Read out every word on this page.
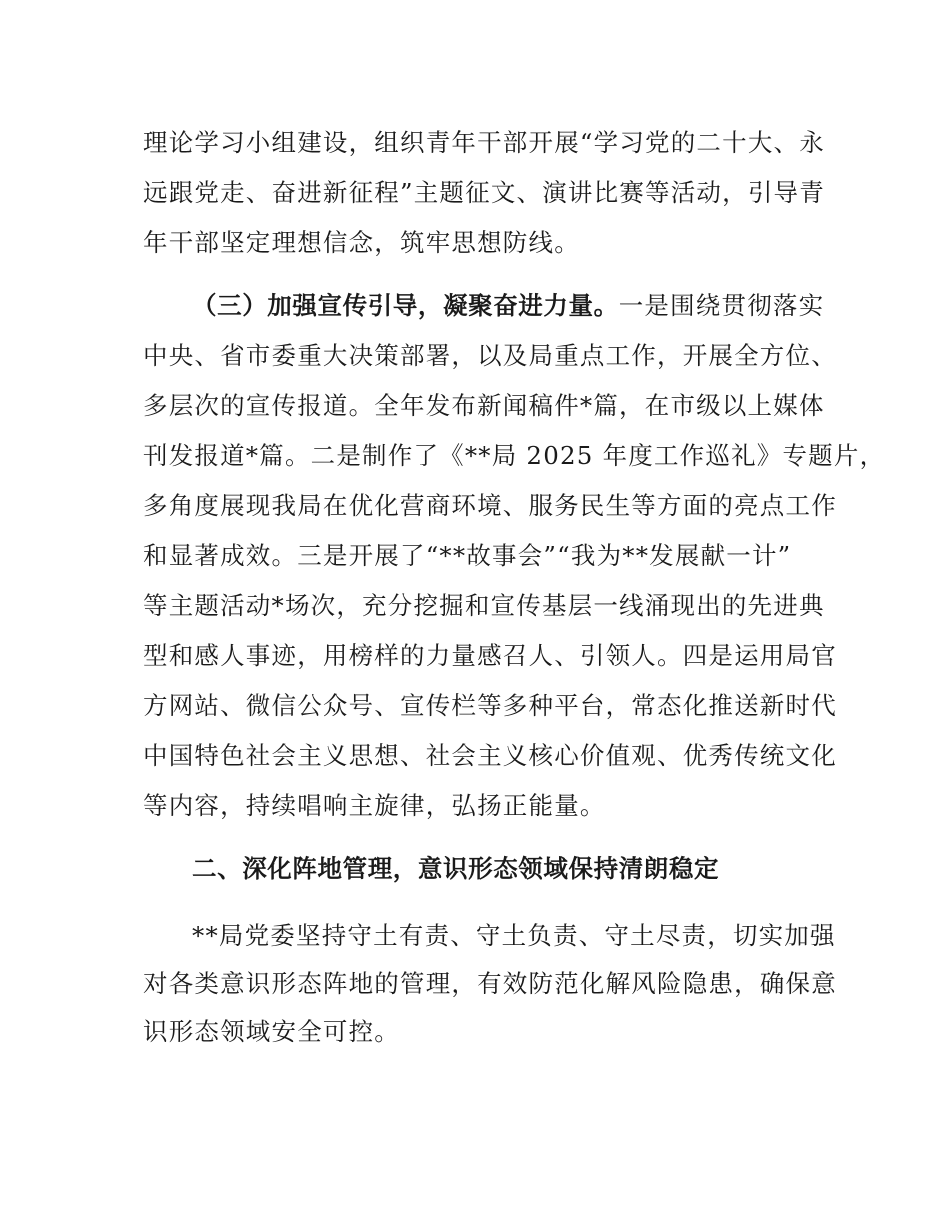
理论学习小组建设，组织青年干部开展“学习党的二十大、永
远跟党走、奋进新征程”主题征文、演讲比赛等活动，引导青
年干部坚定理想信念，筑牢思想防线。
（三）加强宣传引导，凝聚奋进力量。一是围绕贯彻落实
中央、省市委重大决策部署，以及局重点工作，开展全方位、
多层次的宣传报道。全年发布新闻稿件*篇，在市级以上媒体
刊发报道*篇。二是制作了《**局 2025 年度工作巡礼》专题片，
多角度展现我局在优化营商环境、服务民生等方面的亮点工作
和显著成效。三是开展了“**故事会”“我为**发展献一计”
等主题活动*场次，充分挖掘和宣传基层一线涌现出的先进典
型和感人事迹，用榜样的力量感召人、引领人。四是运用局官
方网站、微信公众号、宣传栏等多种平台，常态化推送新时代
中国特色社会主义思想、社会主义核心价值观、优秀传统文化
等内容，持续唱响主旋律，弘扬正能量。
二、深化阵地管理，意识形态领域保持清朗稳定
**局党委坚持守土有责、守土负责、守土尽责，切实加强
对各类意识形态阵地的管理，有效防范化解风险隐患，确保意
识形态领域安全可控。
